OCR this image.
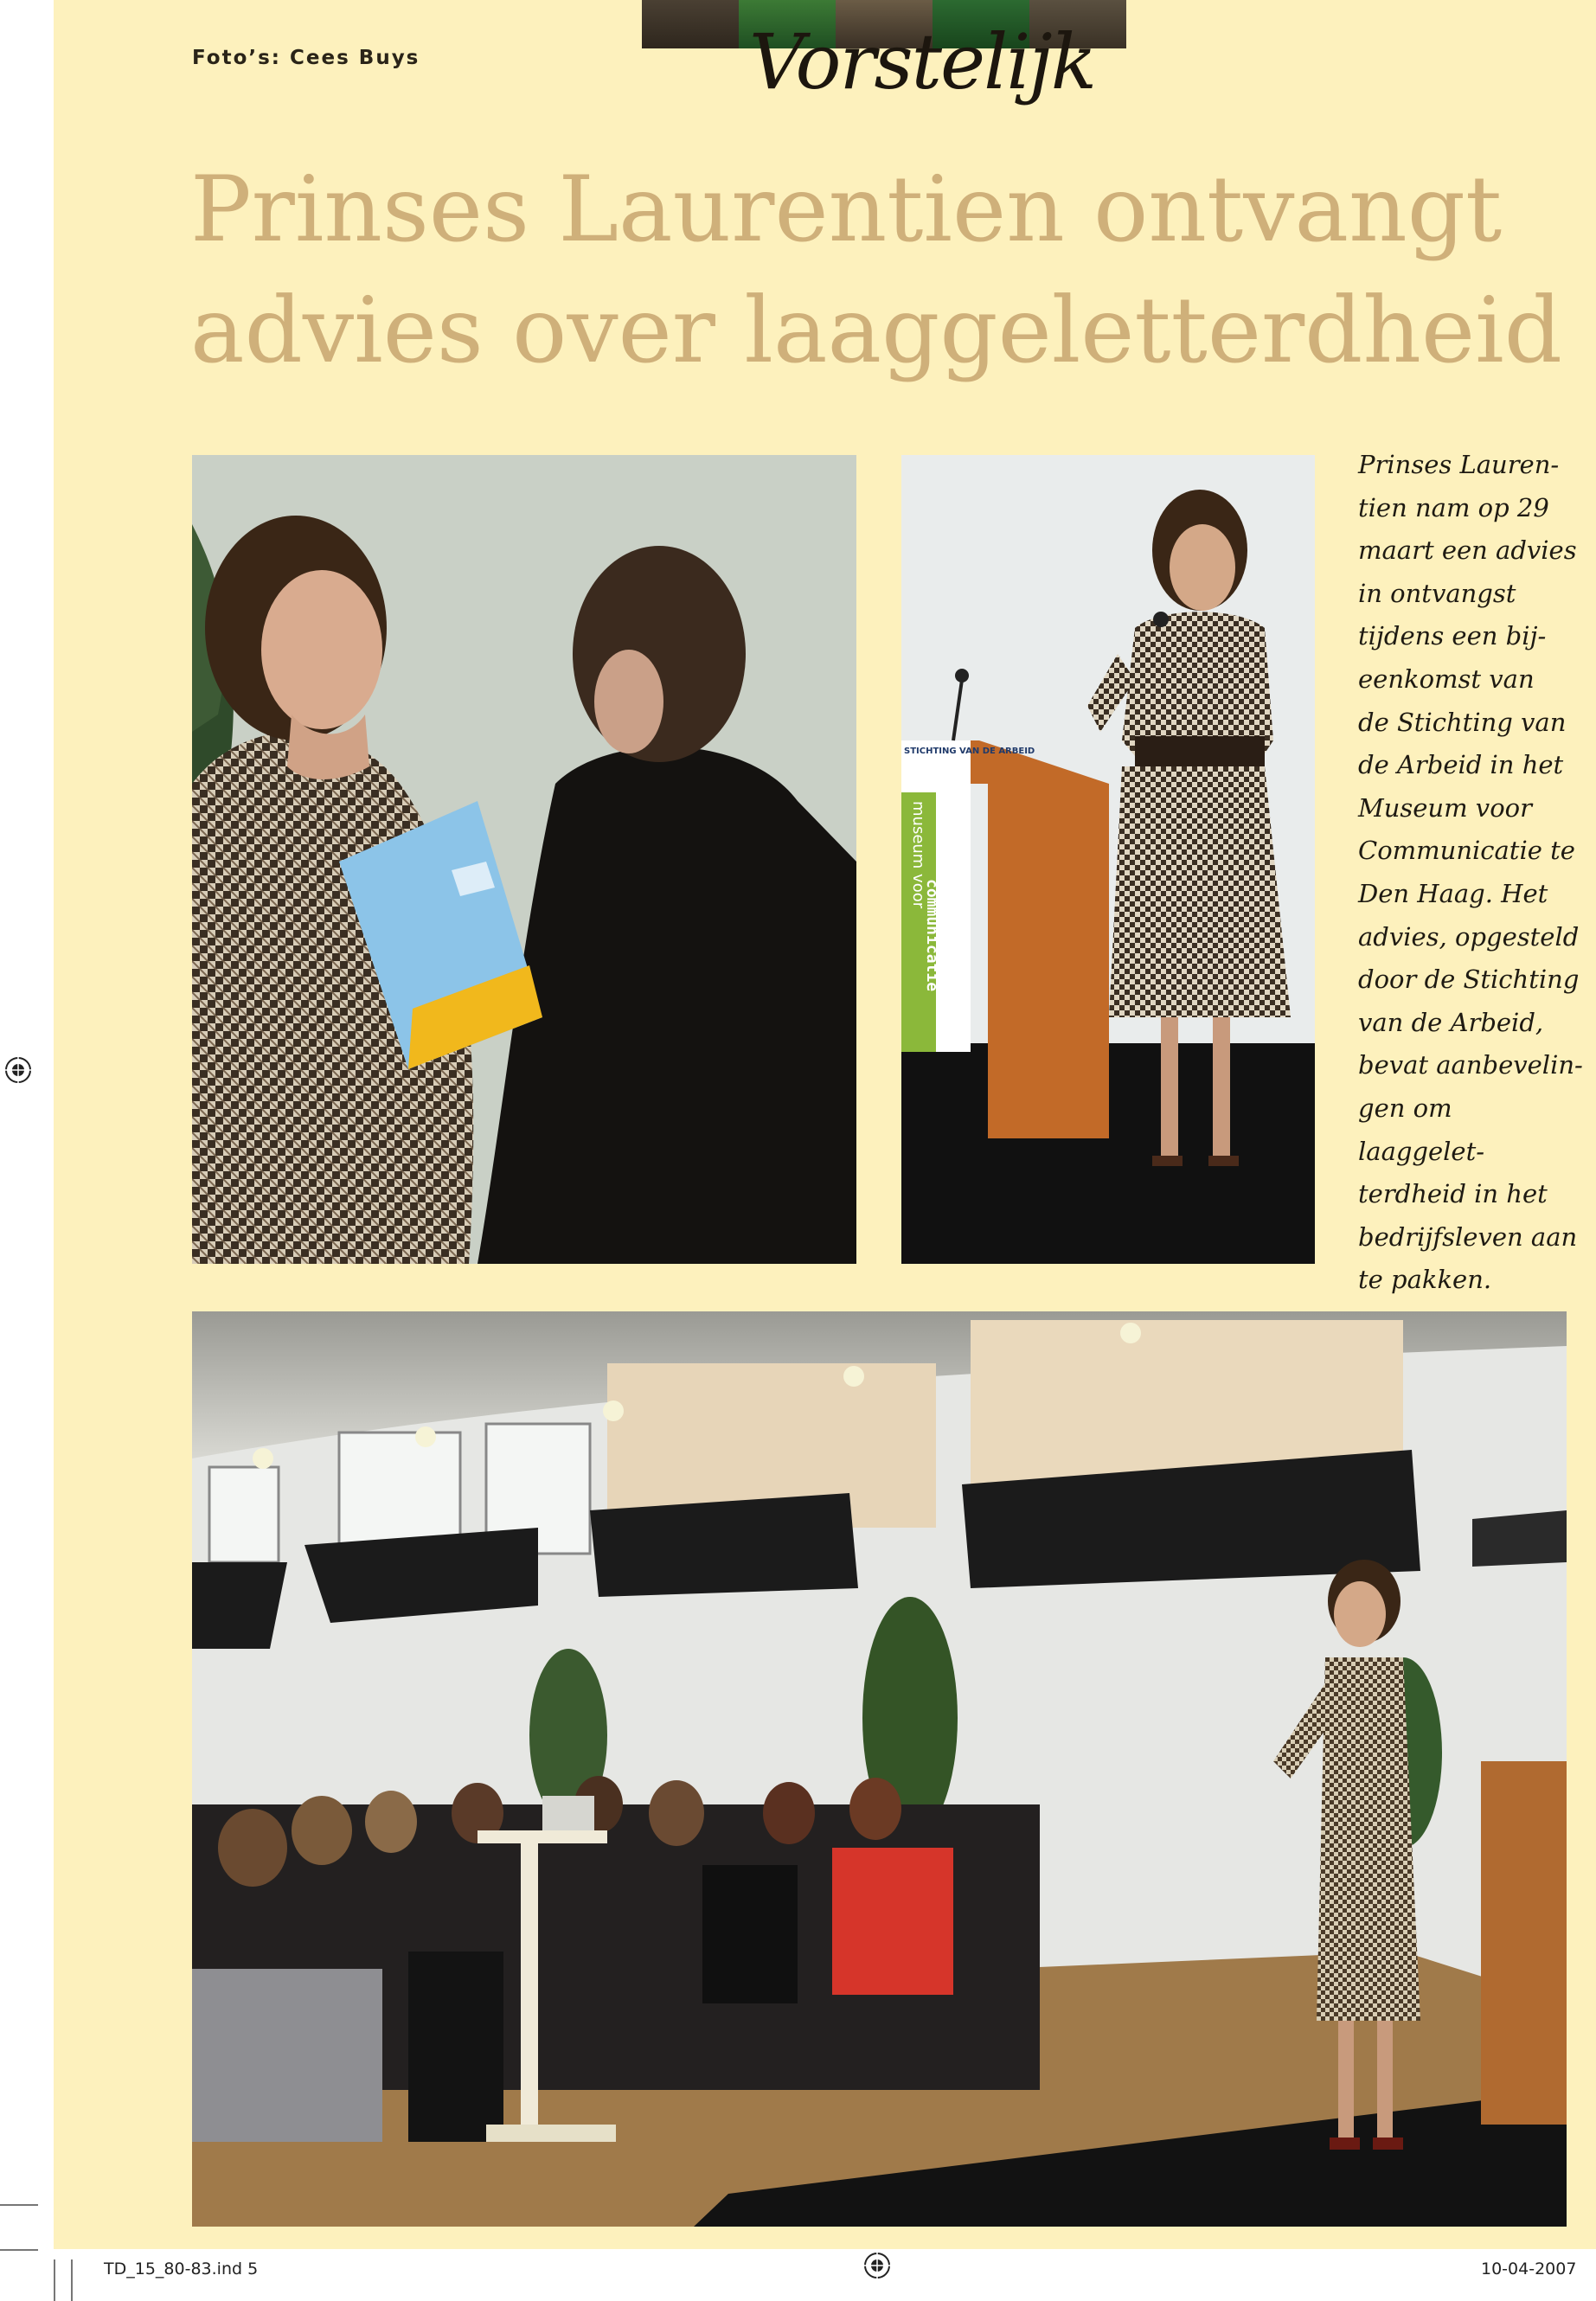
Vorstelijk
Foto’s: Cees Buys
Prinses Laurentien ontvangt
advies over laaggeletterdheid
STICHTING VAN DE ARBEID
museum voor
communicatie
Prinses Lauren-
tien nam op 29
maart een advies
in ontvangst
tijdens een bij-
eenkomst van
de Stichting van
de Arbeid in het
Museum voor
Communicatie te
Den Haag. Het
advies, opgesteld
door de Stichting
van de Arbeid,
bevat aanbevelin-
gen om laaggelet-
terdheid in het
bedrijfsleven aan
te pakken.
TD_15_80-83.ind 5	10-04-2007
